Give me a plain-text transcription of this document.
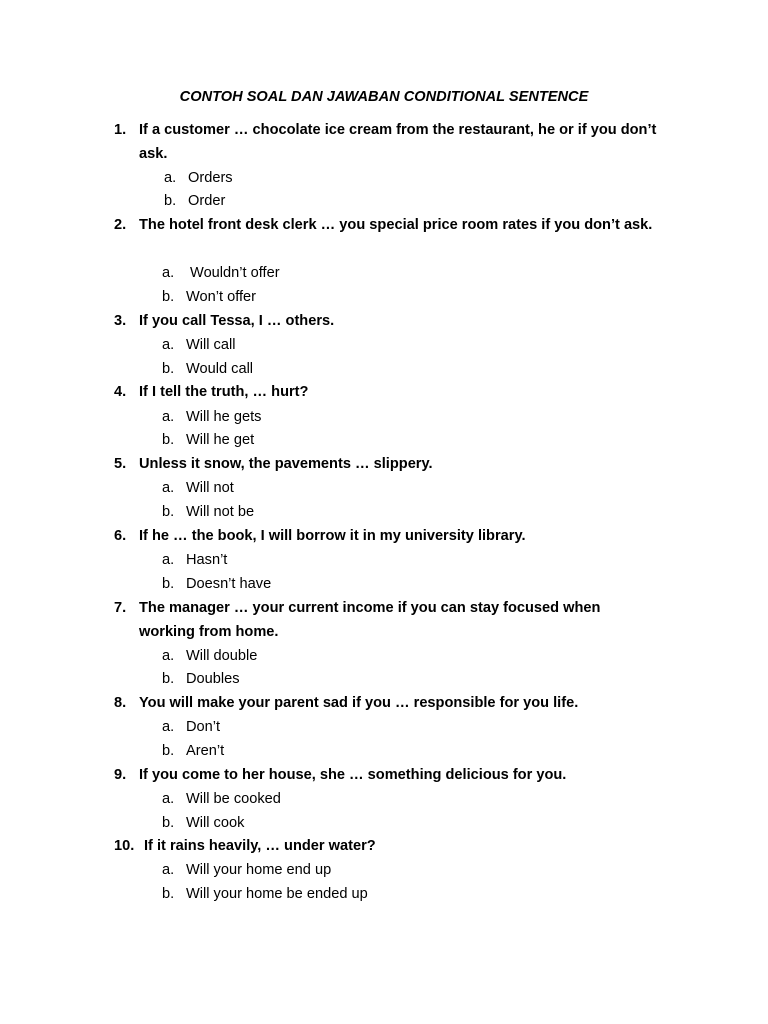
CONTOH SOAL DAN JAWABAN CONDITIONAL SENTENCE
1. If a customer … chocolate ice cream from the restaurant, he or if you don’t ask.
a. Orders
b. Order
2. The hotel front desk clerk … you special price room rates if you don’t ask.
a. Wouldn’t offer
b. Won’t offer
3. If you call Tessa, I … others.
a. Will call
b. Would call
4. If I tell the truth, … hurt?
a. Will he gets
b. Will he get
5. Unless it snow, the pavements … slippery.
a. Will not
b. Will not be
6. If he … the book, I will borrow it in my university library.
a. Hasn’t
b. Doesn’t have
7. The manager … your current income if you can stay focused when
working from home.
a. Will double
b. Doubles
8. You will make your parent sad if you … responsible for you life.
a. Don’t
b. Aren’t
9. If you come to her house, she … something delicious for you.
a. Will be cooked
b. Will cook
10. If it rains heavily, … under water?
a. Will your home end up
b. Will your home be ended up
